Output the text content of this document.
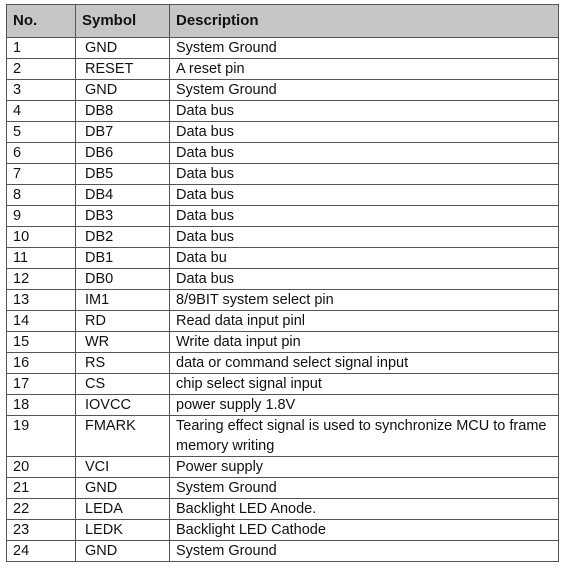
No.	Symbol	Description
1	GND	System Ground
2	RESET	A reset pin
3	GND	System Ground
4	DB8	Data bus
5	DB7	Data bus
6	DB6	Data bus
7	DB5	Data bus
8	DB4	Data bus
9	DB3	Data bus
10	DB2	Data bus
11	DB1	Data bu
12	DB0	Data bus
13	IM1	8/9BIT system select pin
14	RD	Read data input pinl
15	WR	Write data input pin
16	RS	data or command select signal input
17	CS	chip select signal input
18	IOVCC	power supply 1.8V
19	FMARK	Tearing effect signal is used to synchronize MCU to frame memory writing
20	VCI	Power supply
21	GND	System Ground
22	LEDA	Backlight LED Anode.
23	LEDK	Backlight LED Cathode
24	GND	System Ground
